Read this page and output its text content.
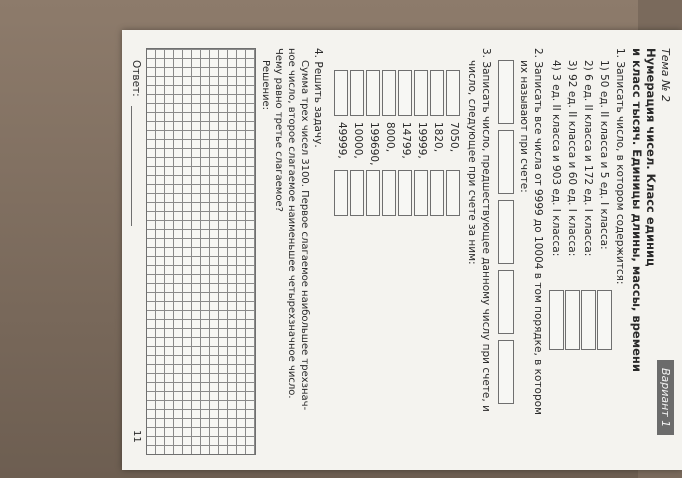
Тема № 2
Вариант 1
Нумерация чисел. Класс единиц
и класс тысяч. Единицы длины, массы, времени
1. Записать число, в котором содержится:
1) 50 ед. II класса и 5 ед. I класса:
2) 6 ед. II класса и 172 ед. I класса:
3) 92 ед. II класса и 60 ед. I класса:
4) 3 ед. II класса и 903 ед. I класса:
2. Записать все числа от 9999 до 10004 в том порядке, в котором
их называют при счете:
3. Записать число, предшествующее данному числу при счете, и
число, следующее при счете за ним:
7050,
1820,
19999,
14799,
8000,
199690,
10000,
49999,
4. Решить задачу.
Сумма трех чисел 3100. Первое слагаемое наибольшее трехзнач-
ное число, второе слагаемое наименьшее четырехзначное число.
Чему равно третье слагаемое?
Решение:
Ответ:
11
